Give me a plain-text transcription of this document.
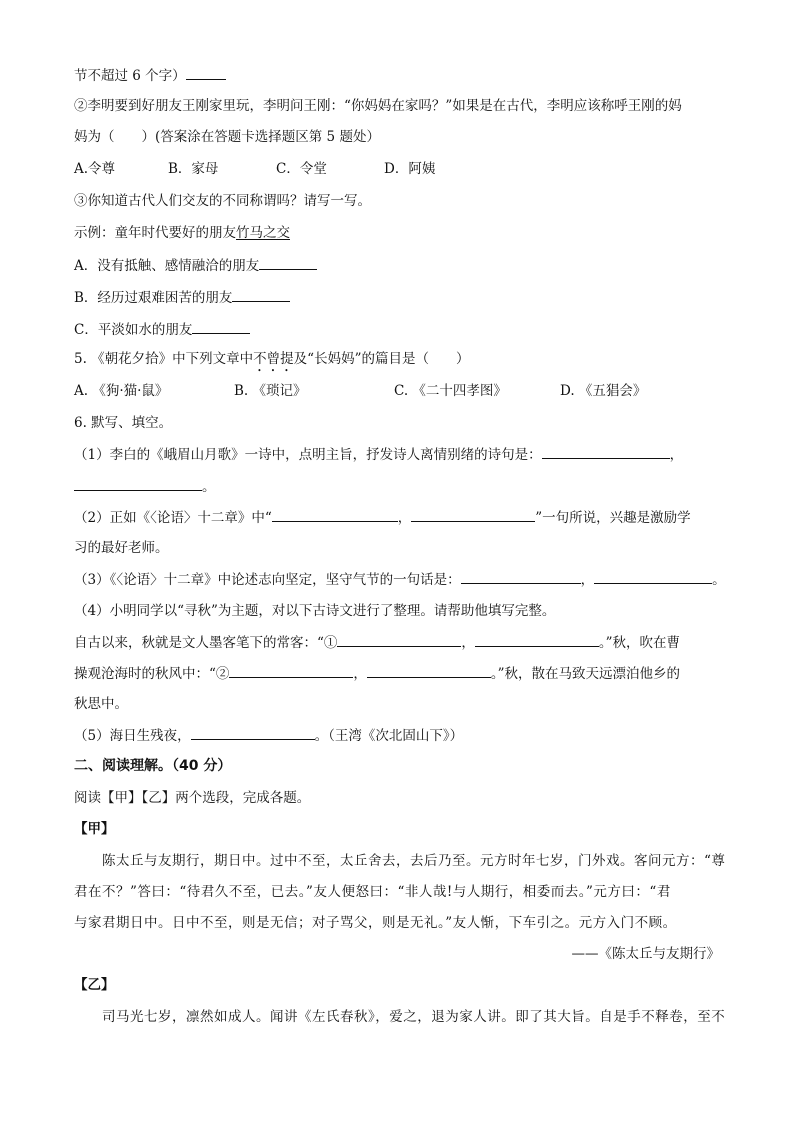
节不超过 6 个字）
②李明要到好朋友王刚家里玩，李明问王刚：“你妈妈在家吗？”如果是在古代，李明应该称呼王刚的妈
妈为（　　）(答案涂在答题卡选择题区第 5 题处）
A.令尊	B．家母	C．令堂	D．阿姨
③你知道古代人们交友的不同称谓吗？请写一写。
示例：童年时代要好的朋友竹马之交
A．没有抵触、感情融洽的朋友
B．经历过艰难困苦的朋友
C．平淡如水的朋友
5. 《朝花夕拾》中下列文章中不曾提及“长妈妈”的篇目是（　　）
A. 《狗·猫·鼠》	B. 《琐记》	C. 《二十四孝图》	D. 《五猖会》
6. 默写、填空。
（1）李白的《峨眉山月歌》一诗中，点明主旨，抒发诗人离情别绪的诗句是：	，
。
（2）正如《〈论语〉十二章》中“	，	”一句所说，兴趣是激励学
习的最好老师。
（3）《〈论语〉十二章》中论述志向坚定，坚守气节的一句话是：	，	。
（4）小明同学以“寻秋”为主题，对以下古诗文进行了整理。请帮助他填写完整。
自古以来，秋就是文人墨客笔下的常客：“①	，	。”秋，吹在曹
操观沧海时的秋风中：“②	，	。”秋，散在马致天远漂泊他乡的
秋思中。
（5）海日生残夜，	。（王湾《次北固山下》）
二、阅读理解。（40 分）
阅读【甲】【乙】两个选段，完成各题。
【甲】
陈太丘与友期行，期日中。过中不至，太丘舍去，去后乃至。元方时年七岁，门外戏。客问元方：“尊
君在不？”答曰：“待君久不至，已去。”友人便怒曰：“非人哉!与人期行，相委而去。”元方曰：“君
与家君期日中。日中不至，则是无信；对子骂父，则是无礼。”友人惭，下车引之。元方入门不顾。
——《陈太丘与友期行》
【乙】
司马光七岁，凛然如成人。闻讲《左氏春秋》，爱之，退为家人讲。即了其大旨。自是手不释卷，至不
